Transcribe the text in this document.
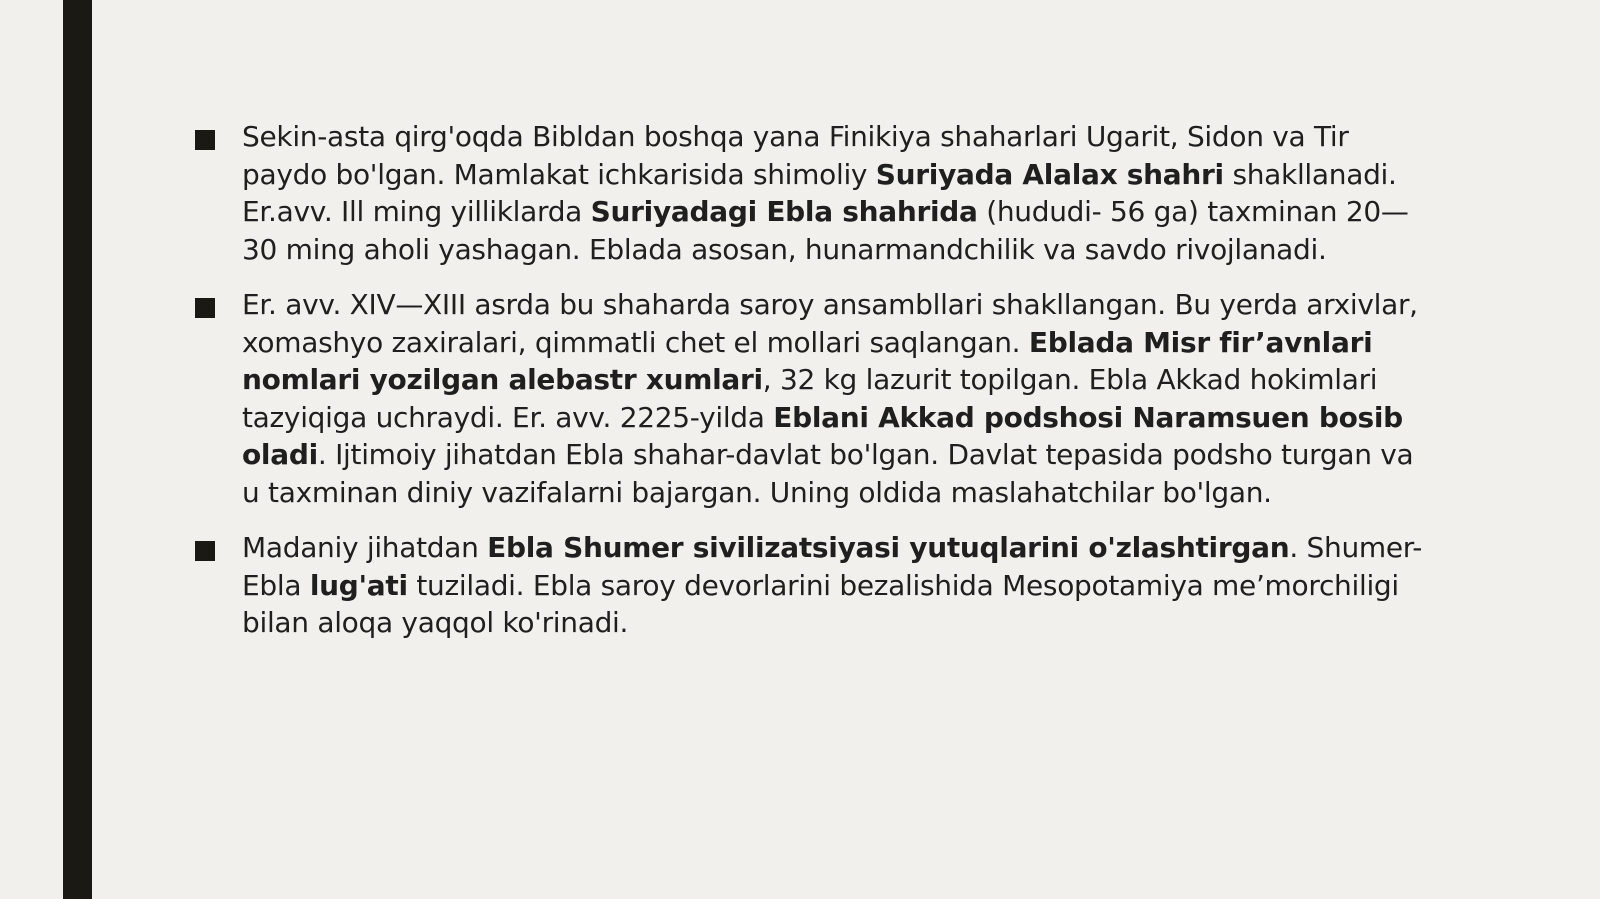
Sekin-asta qirg'oqda Bibldan boshqa yana Finikiya shaharlari Ugarit, Sidon va Tir paydo bo'lgan. Mamlakat ichkarisida shimoliy Suriyada Alalax shahri shakllanadi. Er.avv. Ill ming yilliklarda Suriyadagi Ebla shahrida (hududi- 56 ga) taxminan 20—30 ming aholi yashagan. Eblada asosan, hunarmandchilik va savdo rivojlanadi.
Er. avv. XIV—XIII asrda bu shaharda saroy ansambllari shakllangan. Bu yerda arxivlar, xomashyo zaxiralari, qimmatli chet el mollari saqlangan. Eblada Misr fir’avnlari nomlari yozilgan alebastr xumlari, 32 kg lazurit topilgan. Ebla Akkad hokimlari tazyiqiga uchraydi. Er. avv. 2225-yilda Eblani Akkad podshosi Naramsuen bosib oladi. Ijtimoiy jihatdan Ebla shahar-davlat bo'lgan. Davlat tepasida podsho turgan va u taxminan diniy vazifalarni bajargan. Uning oldida maslahatchilar bo'lgan.
Madaniy jihatdan Ebla Shumer sivilizatsiyasi yutuqlarini o'zlashtirgan. Shumer-Ebla lug'ati tuziladi. Ebla saroy devorlarini bezalishida Mesopotamiya me’morchiligi bilan aloqa yaqqol ko'rinadi.
